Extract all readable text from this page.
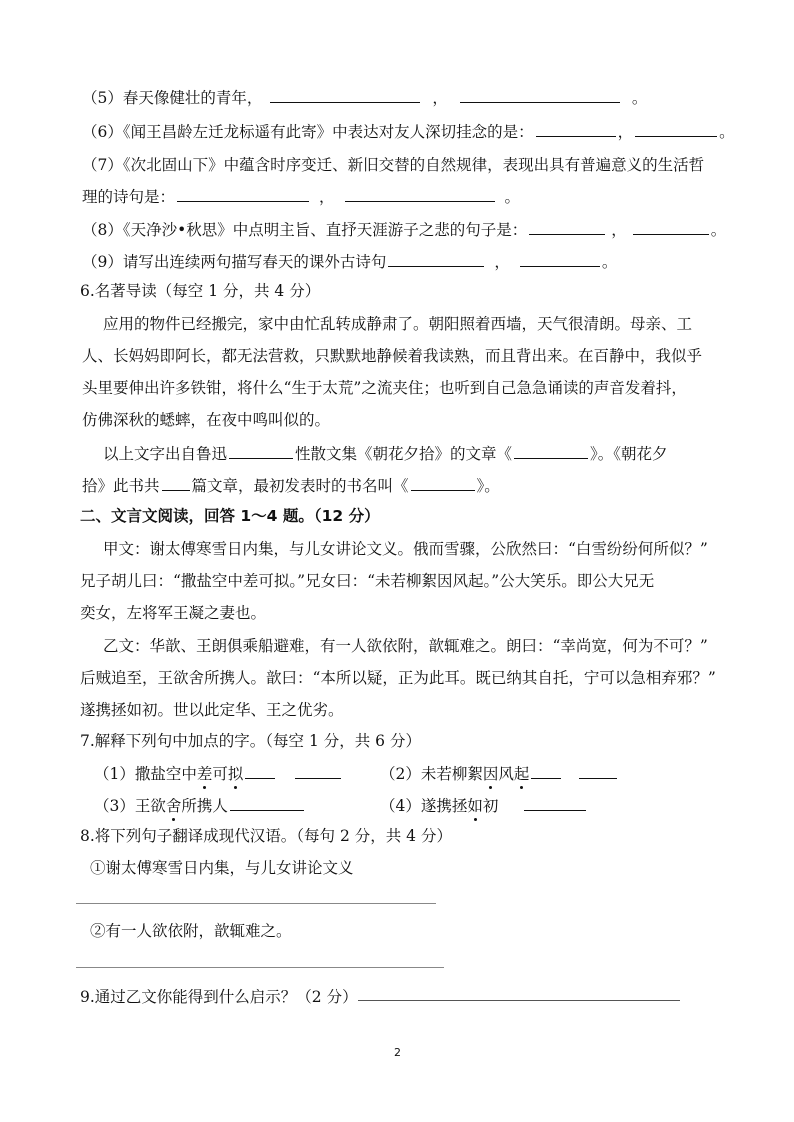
（5）春天像健壮的青年，	，	。
（6）《闻王昌龄左迁龙标遥有此寄》中表达对友人深切挂念的是：	，	。
（7）《次北固山下》中蕴含时序变迁、新旧交替的自然规律，表现出具有普遍意义的生活哲
理的诗句是：	，	。
（8）《天净沙•秋思》中点明主旨、直抒天涯游子之悲的句子是：	，	。
（9）请写出连续两句描写春天的课外古诗句	，	。
6.名著导读（每空 1 分，共 4 分）
应用的物件已经搬完，家中由忙乱转成静肃了。朝阳照着西墙，天气很清朗。母亲、工
人、长妈妈即阿长，都无法营救，只默默地静候着我读熟，而且背出来。在百静中，我似乎
头里要伸出许多铁钳，将什么“生于太荒”之流夹住；也听到自己急急诵读的声音发着抖，
仿佛深秋的蟋蟀，在夜中鸣叫似的。
以上文字出自鲁迅	性散文集《朝花夕拾》的文章《	》。《朝花夕
拾》此书共 篇文章，最初发表时的书名叫《	》。
二、文言文阅读，回答 1～4 题。（12 分）
甲文：谢太傅寒雪日内集，与儿女讲论文义。俄而雪骤，公欣然曰：“白雪纷纷何所似？”
兄子胡儿曰：“撒盐空中差可拟。”兄女曰：“未若柳絮因风起。”公大笑乐。即公大兄无
奕女，左将军王凝之妻也。
乙文：华歆、王朗俱乘船避难，有一人欲依附，歆辄难之。朗曰：“幸尚宽，何为不可？”
后贼追至，王欲舍所携人。歆曰：“本所以疑，正为此耳。既已纳其自托，宁可以急相弃邪？”
遂携拯如初。世以此定华、王之优劣。
7.解释下列句中加点的字。（每空 1 分，共 6 分）
（1）撒盐空中差可拟	（2）未若柳絮因风起
（3）王欲舍所携人	（4）遂携拯如初
8.将下列句子翻译成现代汉语。（每句 2 分，共 4 分）
①谢太傅寒雪日内集，与儿女讲论文义
②有一人欲依附，歆辄难之。
9.通过乙文你能得到什么启示？（2 分）
2
